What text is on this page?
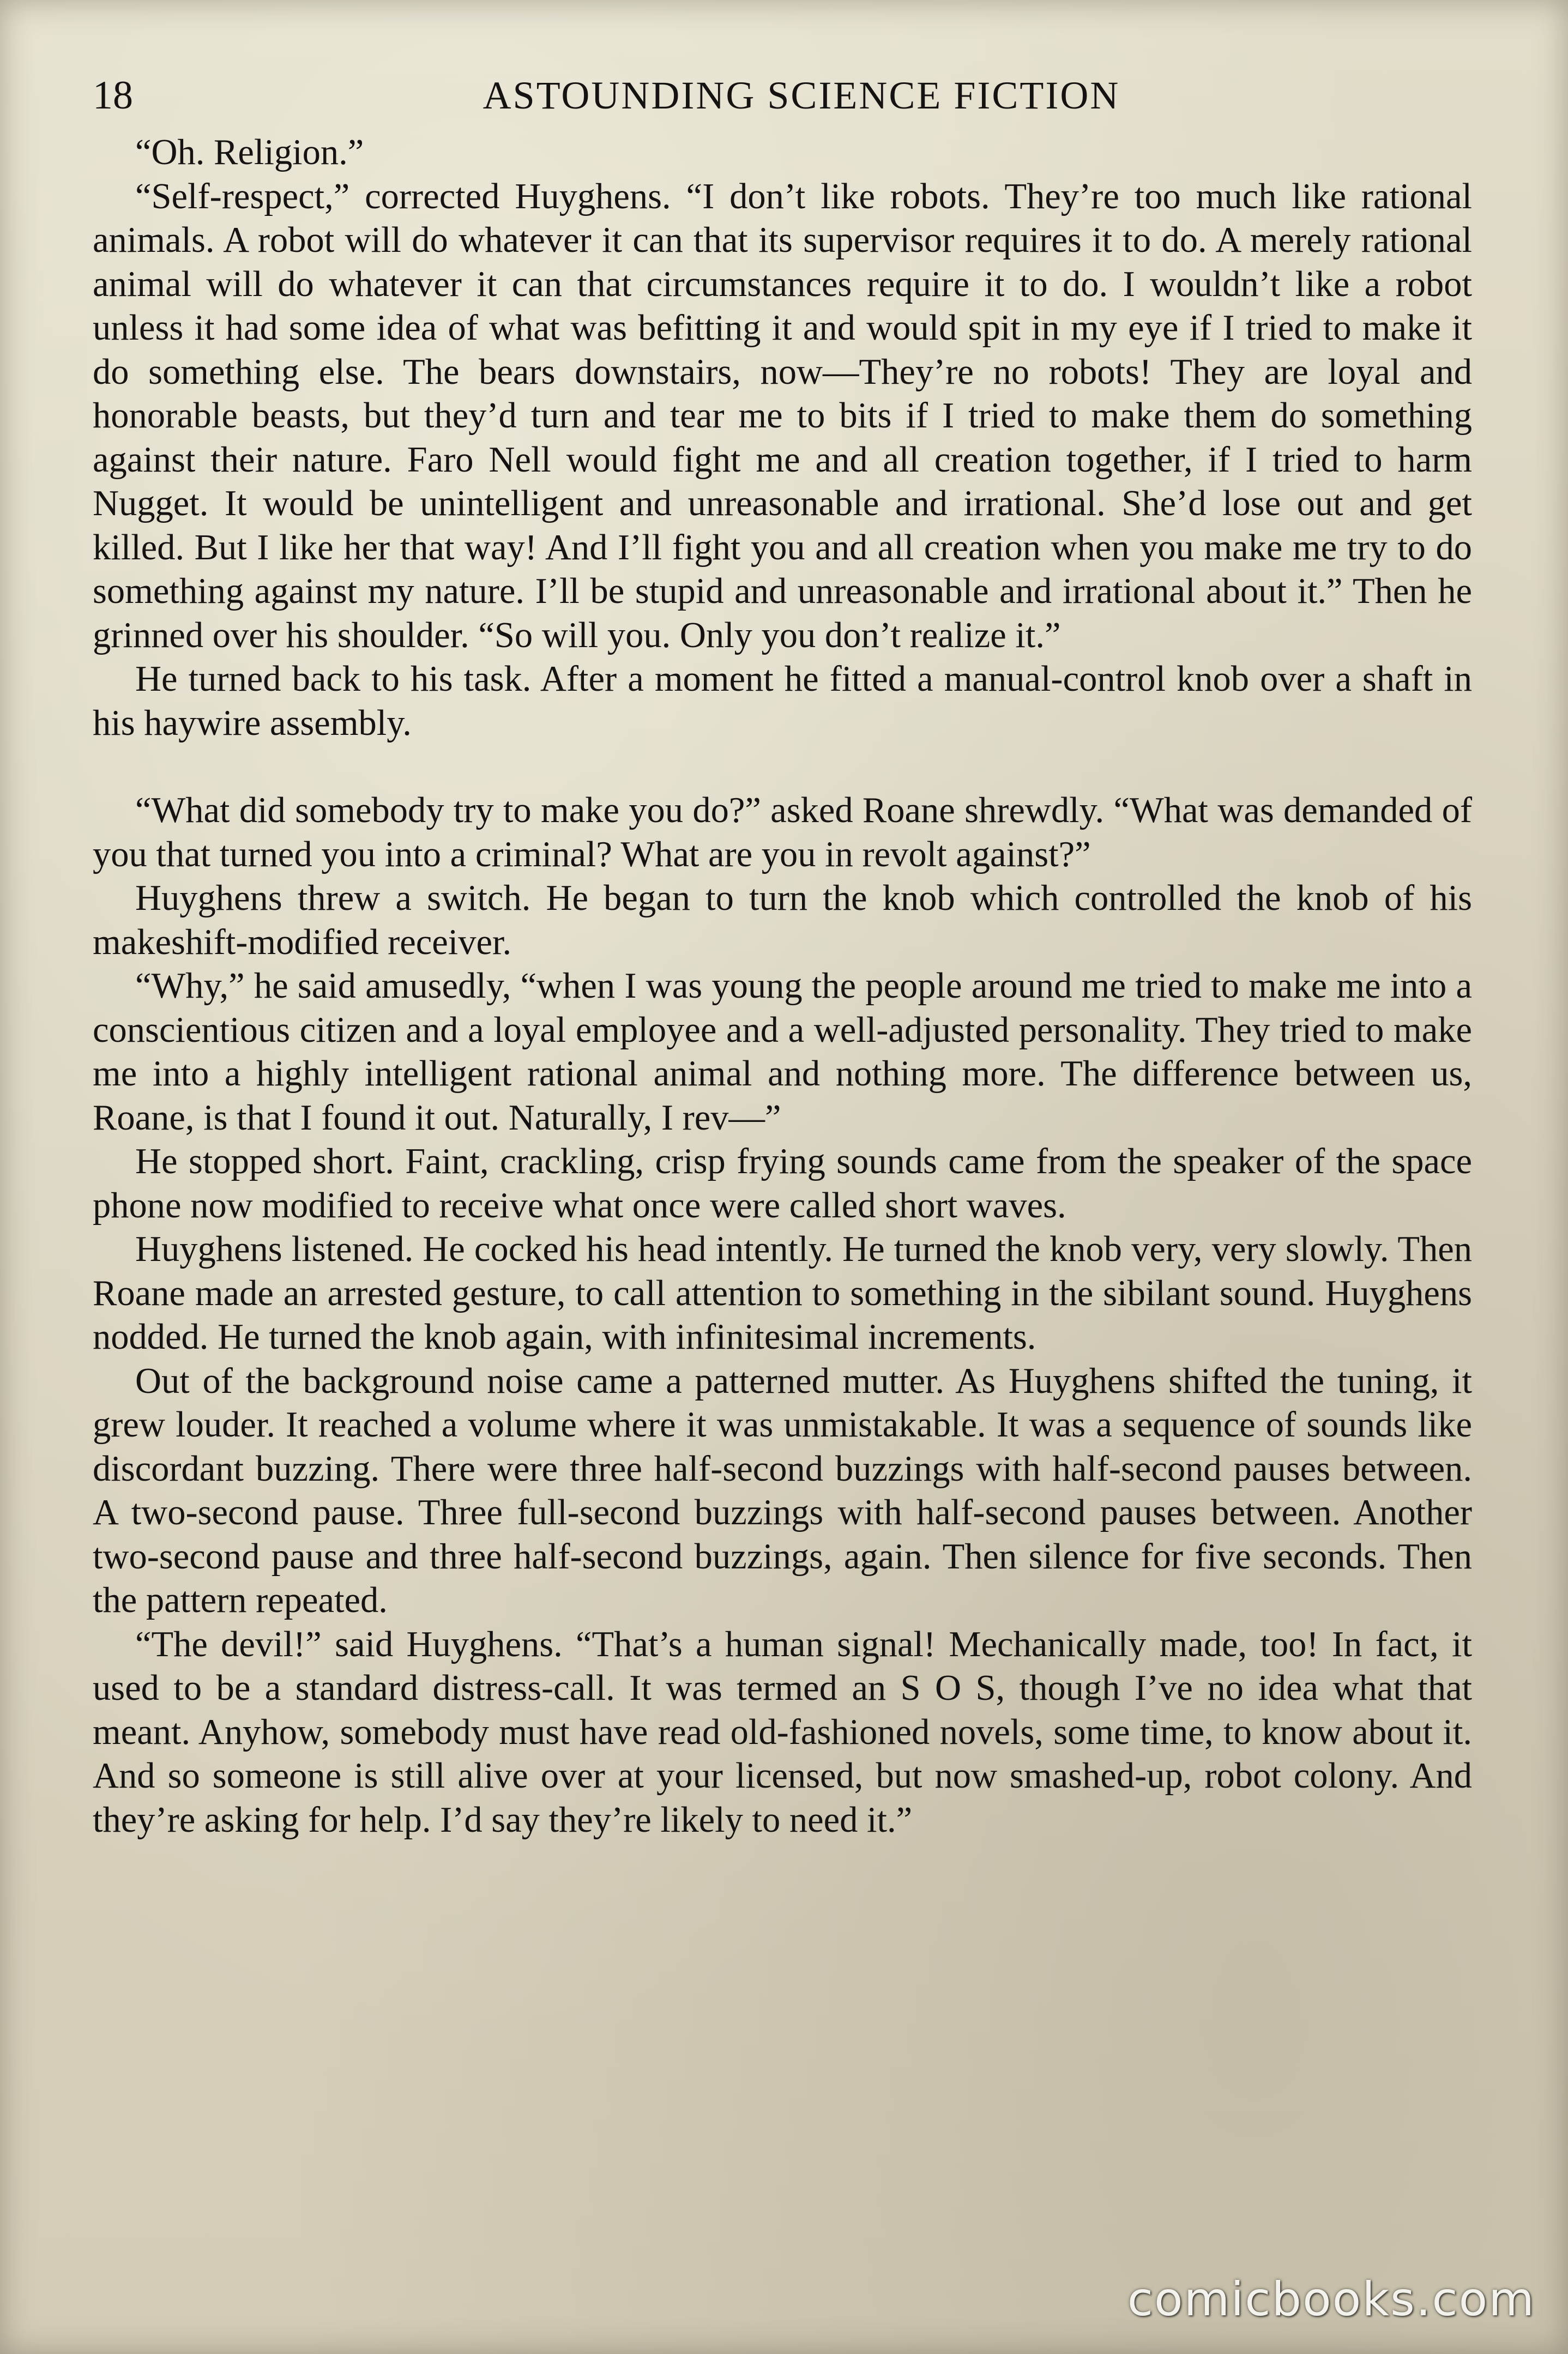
18	ASTOUNDING SCIENCE FICTION

“Oh. Religion.”

“Self-respect,” corrected Huyghens. “I don’t like robots. They’re too much like rational animals. A robot will do whatever it can that its supervisor requires it to do. A merely rational animal will do whatever it can that circumstances require it to do. I wouldn’t like a robot unless it had some idea of what was befitting it and would spit in my eye if I tried to make it do something else. The bears downstairs, now—They’re no robots! They are loyal and honorable beasts, but they’d turn and tear me to bits if I tried to make them do something against their nature. Faro Nell would fight me and all creation together, if I tried to harm Nugget. It would be unintelligent and unreasonable and irrational. She’d lose out and get killed. But I like her that way! And I’ll fight you and all creation when you make me try to do something against my nature. I’ll be stupid and unreasonable and irrational about it.” Then he grinned over his shoulder. “So will you. Only you don’t realize it.”

He turned back to his task. After a moment he fitted a manual-control knob over a shaft in his haywire assembly.

“What did somebody try to make you do?” asked Roane shrewdly. “What was demanded of you that turned you into a criminal? What are you in revolt against?”

Huyghens threw a switch. He began to turn the knob which controlled the knob of his makeshift-modified receiver.

“Why,” he said amusedly, “when I was young the people around me tried to make me into a conscientious citizen and a loyal employee and a well-adjusted personality. They tried to make me into a highly intelligent rational animal and nothing more. The difference between us, Roane, is that I found it out. Naturally, I rev—”

He stopped short. Faint, crackling, crisp frying sounds came from the speaker of the space phone now modified to receive what once were called short waves.

Huyghens listened. He cocked his head intently. He turned the knob very, very slowly. Then Roane made an arrested gesture, to call attention to something in the sibilant sound. Huyghens nodded. He turned the knob again, with infinitesimal increments.

Out of the background noise came a patterned mutter. As Huyghens shifted the tuning, it grew louder. It reached a volume where it was unmistakable. It was a sequence of sounds like discordant buzzing. There were three half-second buzzings with half-second pauses between. A two-second pause. Three full-second buzzings with half-second pauses between. Another two-second pause and three half-second buzzings, again. Then silence for five seconds. Then the pattern repeated.

“The devil!” said Huyghens. “That’s a human signal! Mechanically made, too! In fact, it used to be a standard distress-call. It was termed an S O S, though I’ve no idea what that meant. Anyhow, somebody must have read old-fashioned novels, some time, to know about it. And so someone is still alive over at your licensed, but now smashed-up, robot colony. And they’re asking for help. I’d say they’re likely to need it.”

comicbooks.com
